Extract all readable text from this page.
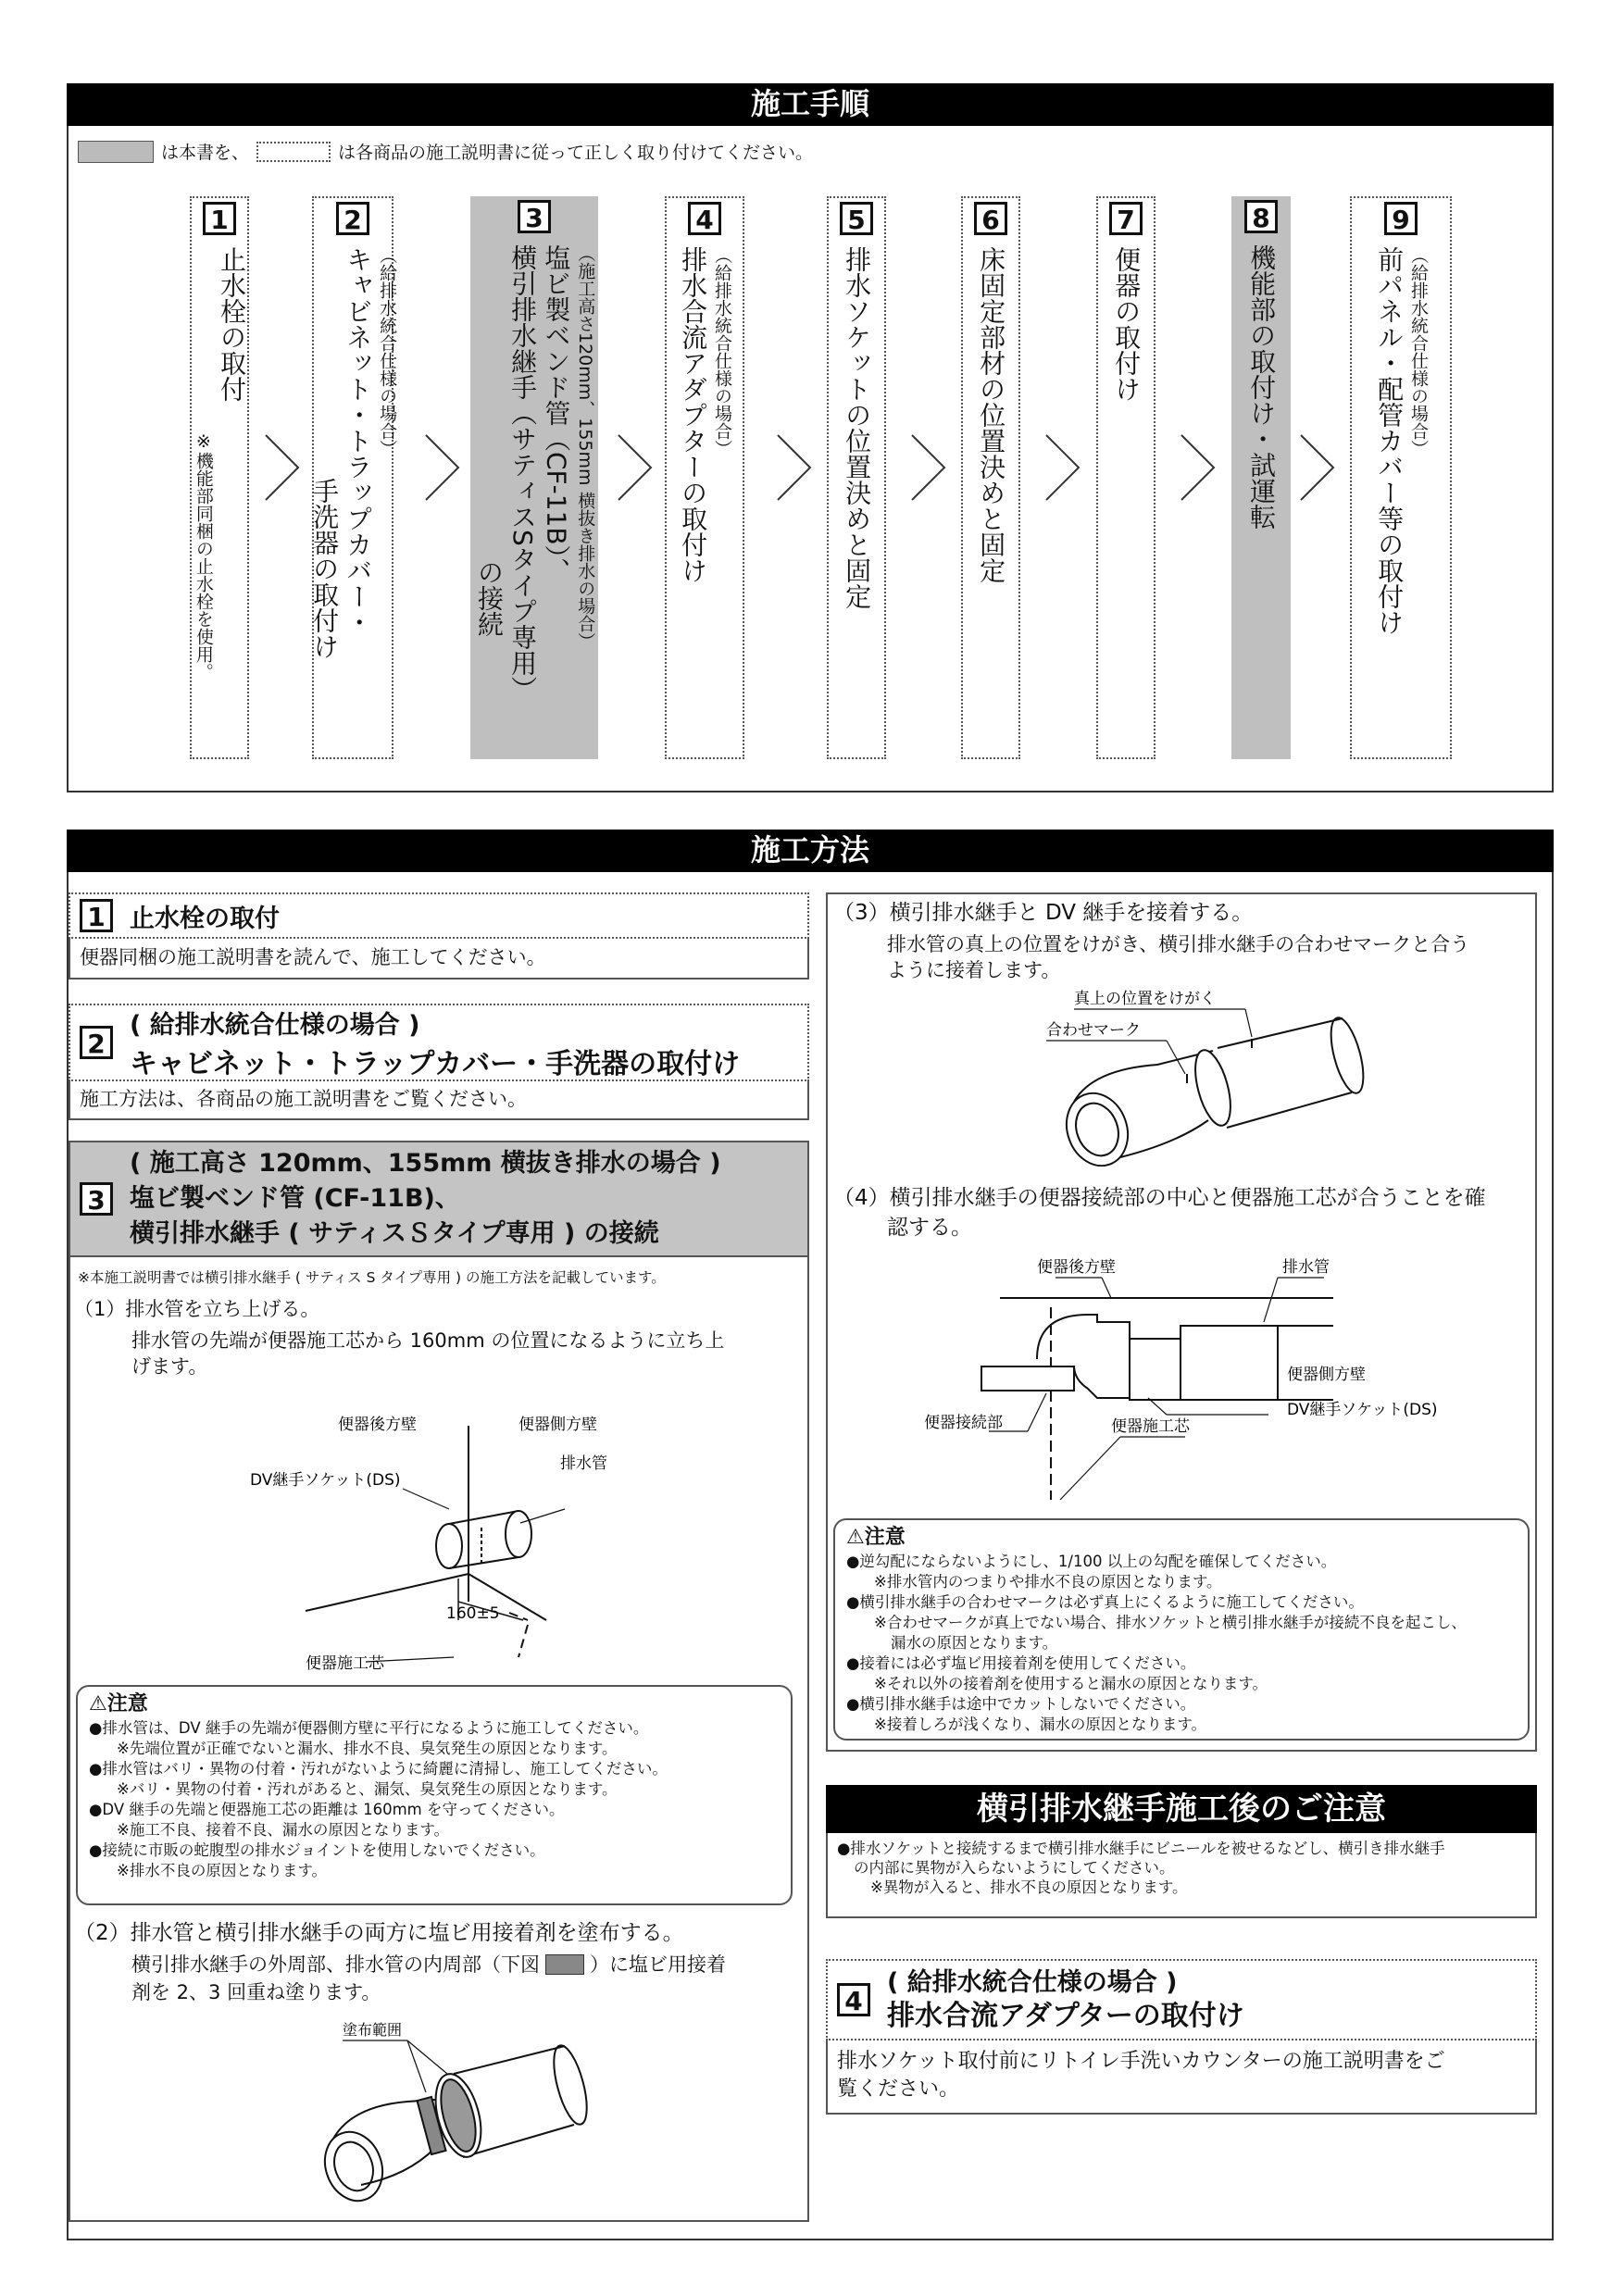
施工手順
は本書を、	は各商品の施工説明書に従って正しく取り付けてください。
1
止水栓の取付
※機能部同梱の止水栓を使用。
2
（給排水統合仕様の場合）
キャビネット・トラップカバー・
手洗器の取付け
3
（施工高さ120mm、155mm 横抜き排水の場合）
塩ビ製ベンド管（CF-11B）、
横引排水継手（サティスSタイプ専用）
の接続
4
（給排水統合仕様の場合）
排水合流アダプターの取付け
5
排水ソケットの位置決めと固定
6
床固定部材の位置決めと固定
7
便器の取付け
8
機能部の取付け・試運転
9
（給排水統合仕様の場合）
前パネル・配管カバー等の取付け
施工方法
1 止水栓の取付
便器同梱の施工説明書を読んで、施工してください。
2
( 給排水統合仕様の場合 )
キャビネット・トラップカバー・手洗器の取付け
施工方法は、各商品の施工説明書をご覧ください。
3
( 施工高さ 120mm、155mm 横抜き排水の場合 )
塩ビ製ベンド管 (CF-11B)、
横引排水継手 ( サティスＳタイプ専用 ) の接続
※本施工説明書では横引排水継手 ( サティス S タイプ専用 ) の施工方法を記載しています。
（1）排水管を立ち上げる。
排水管の先端が便器施工芯から 160mm の位置になるように立ち上
げます。
便器後方壁	便器側方壁
排水管
DV継手ソケット(DS)
160±5
便器施工芯
⚠注意
●排水管は、DV 継手の先端が便器側方壁に平行になるように施工してください。
※先端位置が正確でないと漏水、排水不良、臭気発生の原因となります。
●排水管はバリ・異物の付着・汚れがないように綺麗に清掃し、施工してください。
※バリ・異物の付着・汚れがあると、漏気、臭気発生の原因となります。
●DV 継手の先端と便器施工芯の距離は 160mm を守ってください。
※施工不良、接着不良、漏水の原因となります。
●接続に市販の蛇腹型の排水ジョイントを使用しないでください。
※排水不良の原因となります。
（2）排水管と横引排水継手の両方に塩ビ用接着剤を塗布する。
横引排水継手の外周部、排水管の内周部（下図	）に塩ビ用接着
剤を 2、3 回重ね塗ります。
塗布範囲
（3）横引排水継手と DV 継手を接着する。
排水管の真上の位置をけがき、横引排水継手の合わせマークと合う
ように接着します。
真上の位置をけがく
合わせマーク
（4）横引排水継手の便器接続部の中心と便器施工芯が合うことを確
認する。
便器後方壁	排水管
便器側方壁
DV継手ソケット(DS)
便器施工芯
便器接続部
⚠注意
●逆勾配にならないようにし、1/100 以上の勾配を確保してください。
※排水管内のつまりや排水不良の原因となります。
●横引排水継手の合わせマークは必ず真上にくるように施工してください。
※合わせマークが真上でない場合、排水ソケットと横引排水継手が接続不良を起こし、
漏水の原因となります。
●接着には必ず塩ビ用接着剤を使用してください。
※それ以外の接着剤を使用すると漏水の原因となります。
●横引排水継手は途中でカットしないでください。
※接着しろが浅くなり、漏水の原因となります。
横引排水継手施工後のご注意
●排水ソケットと接続するまで横引排水継手にビニールを被せるなどし、横引き排水継手
の内部に異物が入らないようにしてください。
※異物が入ると、排水不良の原因となります。
4
( 給排水統合仕様の場合 )
排水合流アダプターの取付け
排水ソケット取付前にリトイレ手洗いカウンターの施工説明書をご
覧ください。
